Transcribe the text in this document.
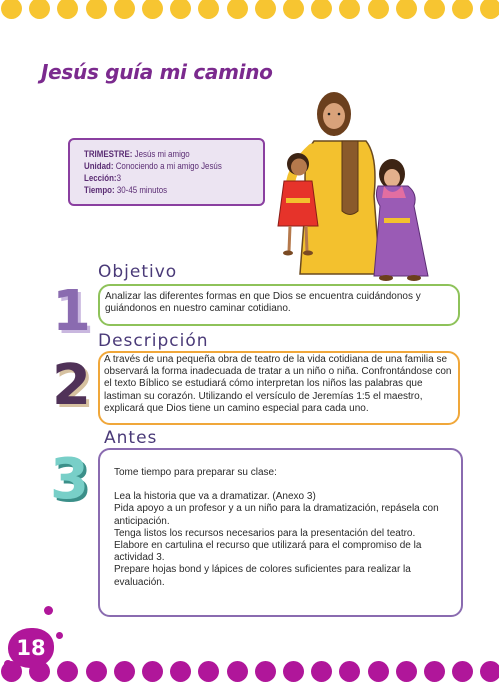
Jesús guía mi camino
TRIMESTRE: Jesús mi amigo
Unidad: Conociendo a mi amigo Jesús
Lección:3
Tiempo: 30-45 minutos
Objetivo
1 Analizar las diferentes formas en que Dios se encuentra cuidándonos y guiándonos en nuestro caminar cotidiano.
Descripción
2 A través de una pequeña obra de teatro de la vida cotidiana de una familia se observará la forma inadecuada de tratar a un niño o niña. Confrontándose con el texto Bíblico se estudiará cómo interpretan los niños las palabras que lastiman su corazón. Utilizando el versículo de Jeremías 1:5 el maestro, explicará que Dios tiene un camino especial para cada uno.
Antes
3	Tome tiempo para preparar su clase:

Lea la historia que va a dramatizar. (Anexo 3)

Pida apoyo a un profesor y a un niño para la dramatización, repásela con anticipación.

Tenga listos los recursos necesarios para la presentación del teatro.

Elabore en cartulina el recurso que utilizará para el compromiso de la actividad 3.

Prepare hojas bond y lápices de colores suficientes para realizar la evaluación.

18
